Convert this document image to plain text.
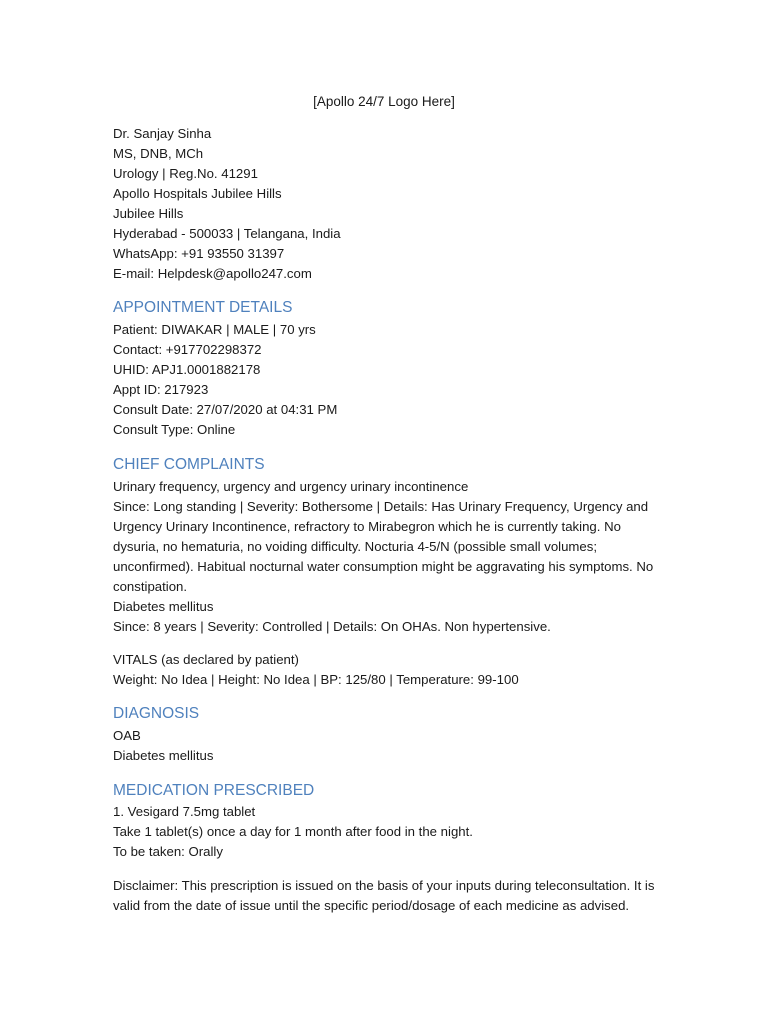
[Apollo 24/7 Logo Here]
Dr. Sanjay Sinha
MS, DNB, MCh
Urology | Reg.No. 41291
Apollo Hospitals Jubilee Hills
Jubilee Hills
Hyderabad - 500033 | Telangana, India
WhatsApp: +91 93550 31397
E-mail: Helpdesk@apollo247.com
APPOINTMENT DETAILS
Patient: DIWAKAR | MALE | 70 yrs
Contact: +917702298372
UHID: APJ1.0001882178
Appt ID: 217923
Consult Date: 27/07/2020 at 04:31 PM
Consult Type: Online
CHIEF COMPLAINTS
Urinary frequency, urgency and urgency urinary incontinence
Since: Long standing | Severity: Bothersome | Details: Has Urinary Frequency, Urgency and Urgency Urinary Incontinence, refractory to Mirabegron which he is currently taking. No dysuria, no hematuria, no voiding difficulty. Nocturia 4-5/N (possible small volumes; unconfirmed). Habitual nocturnal water consumption might be aggravating his symptoms. No constipation.
Diabetes mellitus
Since: 8 years | Severity: Controlled | Details: On OHAs. Non hypertensive.
VITALS (as declared by patient)
Weight: No Idea | Height: No Idea | BP: 125/80 | Temperature: 99-100
DIAGNOSIS
OAB
Diabetes mellitus
MEDICATION PRESCRIBED
1. Vesigard 7.5mg tablet
Take 1 tablet(s) once a day for 1 month after food in the night.
To be taken: Orally
Disclaimer: This prescription is issued on the basis of your inputs during teleconsultation. It is valid from the date of issue until the specific period/dosage of each medicine as advised.
